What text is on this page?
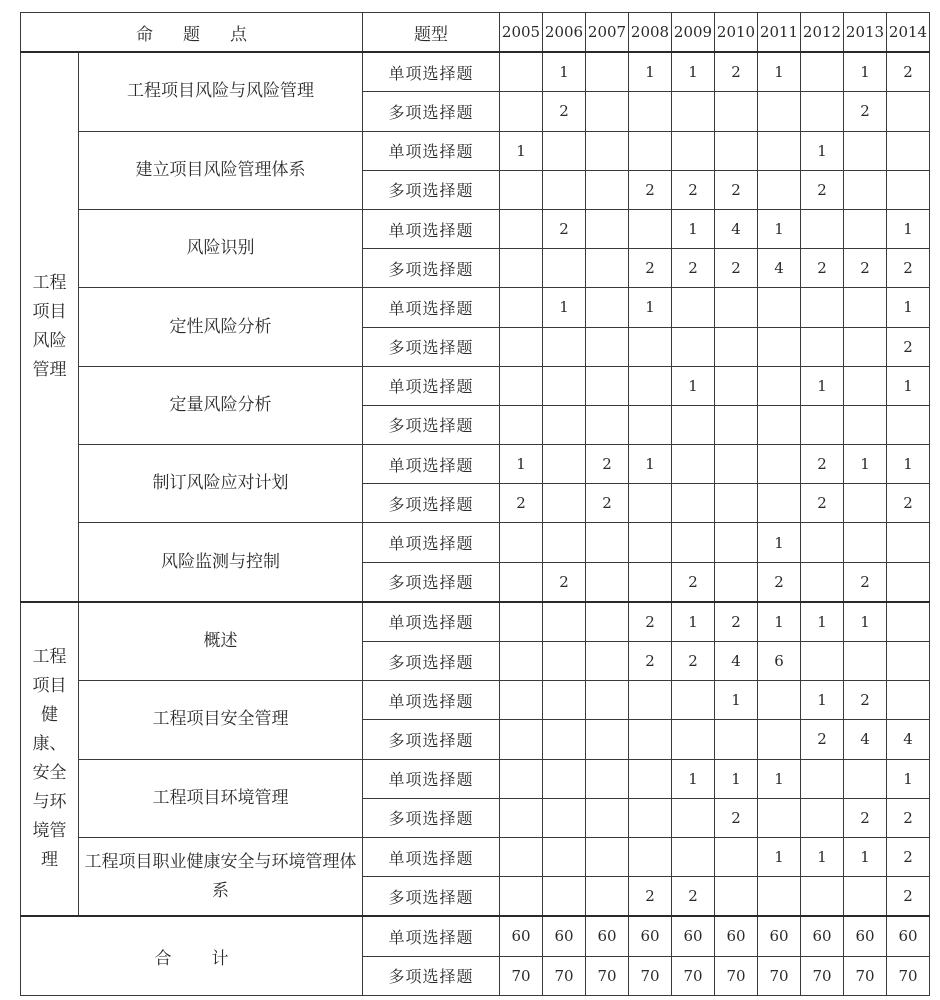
命题点		题型	2005	2006	2007	2008	2009	2010	2011	2012	2013	2014
工程项目风险管理	工程项目风险与风险管理	单项选择题		1		1	1	2	1		1	2
		多项选择题		2							2	
	建立项目风险管理体系	单项选择题	1							1		
		多项选择题				2	2	2		2		
	风险识别	单项选择题		2			1	4	1			1
		多项选择题				2	2	2	4	2	2	2
	定性风险分析	单项选择题		1		1						1
		多项选择题										2
	定量风险分析	单项选择题					1			1		1
		多项选择题										
	制订风险应对计划	单项选择题	1		2	1				2	1	1
		多项选择题	2		2					2		2
	风险监测与控制	单项选择题							1			
		多项选择题		2			2		2		2	
工程项目健康、安全与环境管理	概述	单项选择题				2	1	2	1	1	1	
		多项选择题				2	2	4	6			
	工程项目安全管理	单项选择题						1		1	2	
		多项选择题								2	4	4
	工程项目环境管理	单项选择题					1	1	1			1
		多项选择题						2			2	2
	工程项目职业健康安全与环境管理体系	单项选择题							1	1	1	2
		多项选择题				2	2					2
合计		单项选择题	60	60	60	60	60	60	60	60	60	60
		多项选择题	70	70	70	70	70	70	70	70	70	70
